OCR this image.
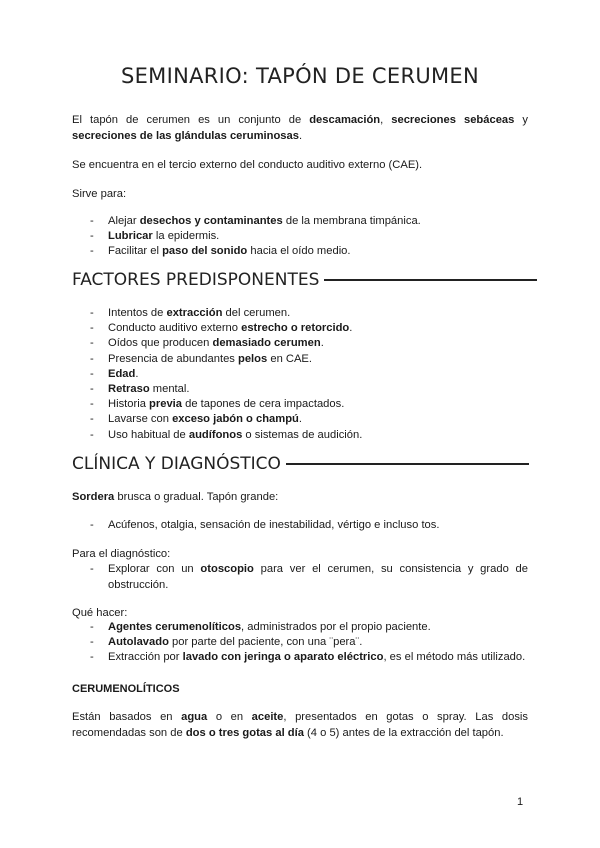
SEMINARIO: TAPÓN DE CERUMEN

El tapón de cerumen es un conjunto de descamación, secreciones sebáceas y secreciones de las glándulas ceruminosas.

Se encuentra en el tercio externo del conducto auditivo externo (CAE).

Sirve para:

- Alejar desechos y contaminantes de la membrana timpánica.
- Lubricar la epidermis.
- Facilitar el paso del sonido hacia el oído medio.
FACTORES PREDISPONENTES
- Intentos de extracción del cerumen.
- Conducto auditivo externo estrecho o retorcido.
- Oídos que producen demasiado cerumen.
- Presencia de abundantes pelos en CAE.
- Edad.
- Retraso mental.
- Historia previa de tapones de cera impactados.
- Lavarse con exceso jabón o champú.
- Uso habitual de audífonos o sistemas de audición.
CLÍNICA Y DIAGNÓSTICO

Sordera brusca o gradual. Tapón grande:

- Acúfenos, otalgia, sensación de inestabilidad, vértigo e incluso tos.

Para el diagnóstico:

- Explorar con un otoscopio para ver el cerumen, su consistencia y grado de obstrucción.

Qué hacer:

- Agentes cerumenolíticos, administrados por el propio paciente.
- Autolavado por parte del paciente, con una ¨pera¨.
- Extracción por lavado con jeringa o aparato eléctrico, es el método más utilizado.

CERUMENOLÍTICOS

Están basados en agua o en aceite, presentados en gotas o spray. Las dosis recomendadas son de dos o tres gotas al día (4 o 5) antes de la extracción del tapón.

1
